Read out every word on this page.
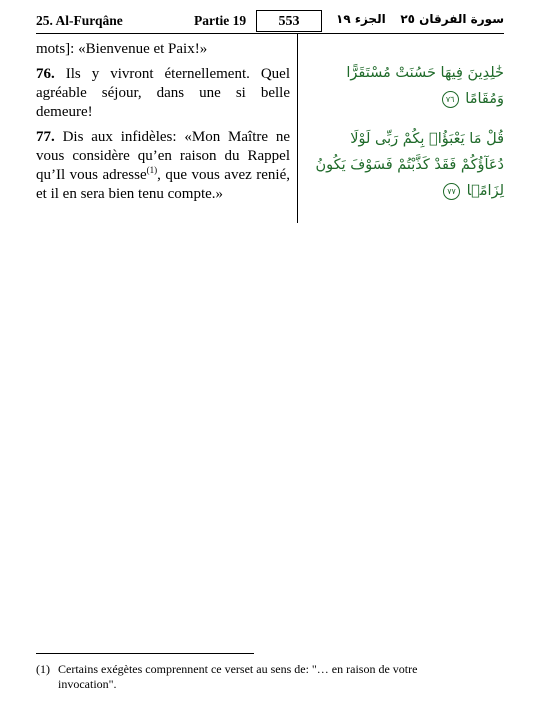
25. Al-Furqâne	Partie 19	553	الجزء ١٩ سورة الفرقان ٢٥

mots]: «Bienvenue et Paix!»

76. Ils y vivront éternellement. Quel agréable séjour, dans une si belle demeure!

77. Dis aux infidèles: «Mon Maître ne vous considère qu’en raison du Rappel qu’Il vous adresse$^{(1)}$, que vous avez renié, et il en sera bien tenu compte.»

خَٰلِدِينَ فِيهَا حَسُنَتْ مُسْتَقَرًّا وَمُقَامًا ٧٦
قُلْ مَا يَعْبَؤُا۟ بِكُمْ رَبِّى لَوْلَا دُعَآؤُكُمْ فَقَدْ كَذَّبْتُمْ فَسَوْفَ يَكُونُ لِزَامًۢا ٧٧
(1) Certains exégètes comprennent ce verset au sens de: "… en raison de votre
invocation".
